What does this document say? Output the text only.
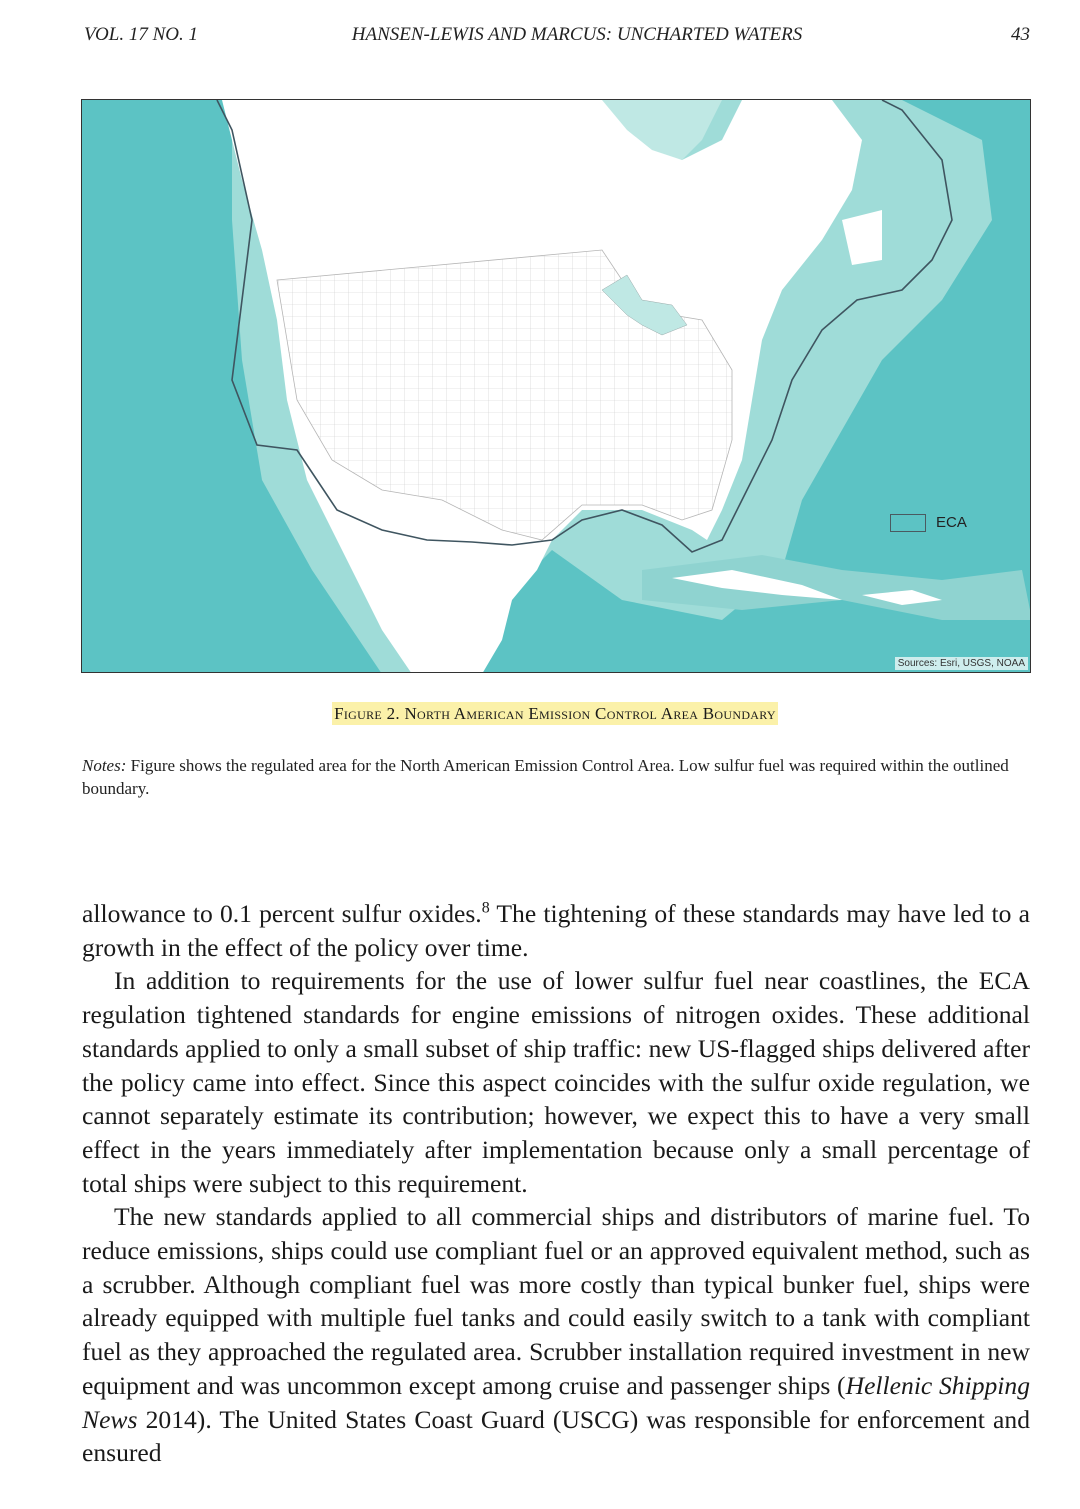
VOL. 17 NO. 1	HANSEN-LEWIS AND MARCUS: UNCHARTED WATERS	43
ECA
Sources: Esri, USGS, NOAA
Figure 2. North American Emission Control Area Boundary
Notes: Figure shows the regulated area for the North American Emission Control Area. Low sulfur fuel was required within the outlined boundary.

allowance to 0.1 percent sulfur oxides.$^8$ The tightening of these standards may have led to a growth in the effect of the policy over time.

In addition to requirements for the use of lower sulfur fuel near coastlines, the ECA regulation tightened standards for engine emissions of nitrogen oxides. These additional standards applied to only a small subset of ship traffic: new US-flagged ships delivered after the policy came into effect. Since this aspect coincides with the sulfur oxide regulation, we cannot separately estimate its contribution; however, we expect this to have a very small effect in the years immediately after implementation because only a small percentage of total ships were subject to this requirement.

The new standards applied to all commercial ships and distributors of marine fuel. To reduce emissions, ships could use compliant fuel or an approved equivalent method, such as a scrubber. Although compliant fuel was more costly than typical bunker fuel, ships were already equipped with multiple fuel tanks and could easily switch to a tank with compliant fuel as they approached the regulated area. Scrubber installation required investment in new equipment and was uncommon except among cruise and passenger ships (Hellenic Shipping News 2014). The United States Coast Guard (USCG) was responsible for enforcement and ensured
